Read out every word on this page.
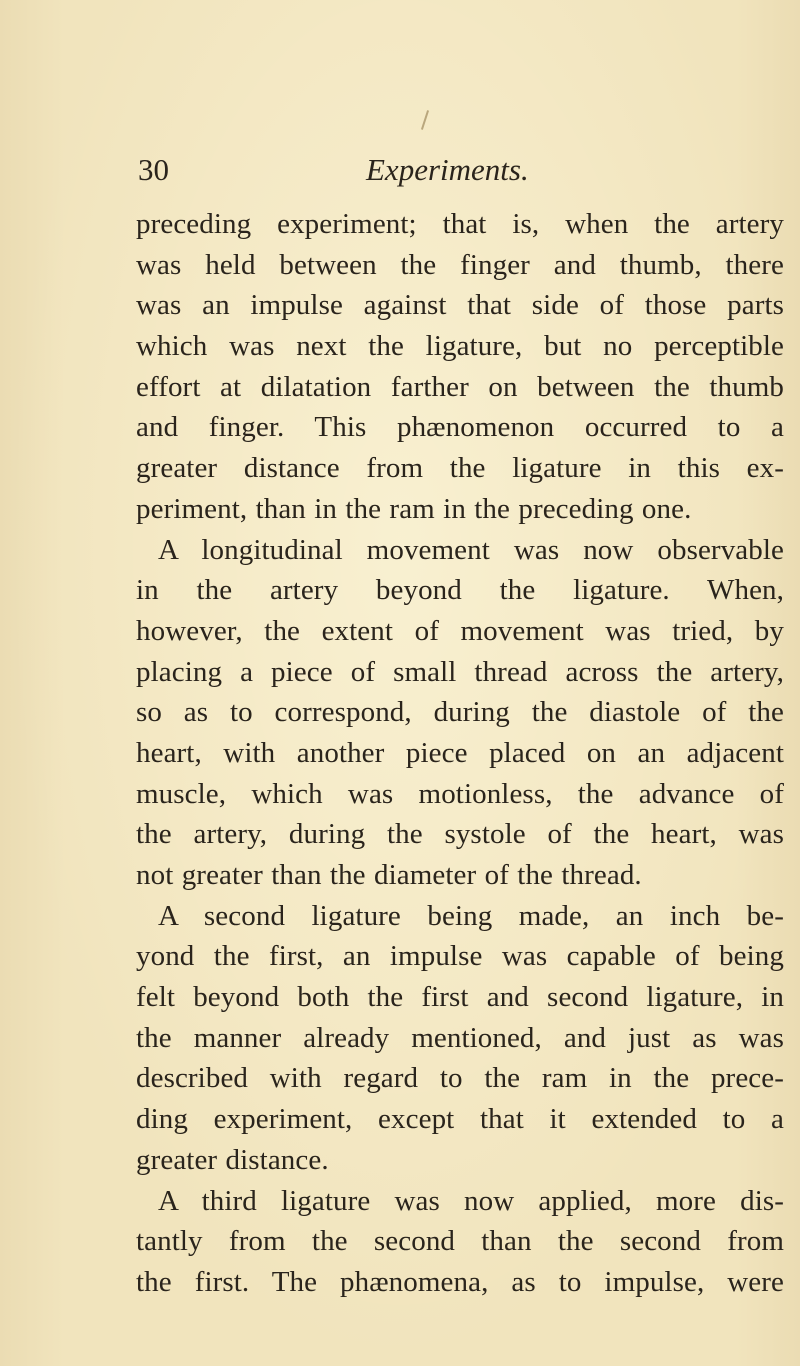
30	Experiments.
preceding experiment; that is, when the artery
was held between the finger and thumb, there
was an impulse against that side of those parts
which was next the ligature, but no perceptible
effort at dilatation farther on between the thumb
and finger. This phænomenon occurred to a
greater distance from the ligature in this ex-
periment, than in the ram in the preceding one.
A longitudinal movement was now observable
in the artery beyond the ligature. When,
however, the extent of movement was tried, by
placing a piece of small thread across the artery,
so as to correspond, during the diastole of the
heart, with another piece placed on an adjacent
muscle, which was motionless, the advance of
the artery, during the systole of the heart, was
not greater than the diameter of the thread.
A second ligature being made, an inch be-
yond the first, an impulse was capable of being
felt beyond both the first and second ligature, in
the manner already mentioned, and just as was
described with regard to the ram in the prece-
ding experiment, except that it extended to a
greater distance.
A third ligature was now applied, more dis-
tantly from the second than the second from
the first. The phænomena, as to impulse, were
